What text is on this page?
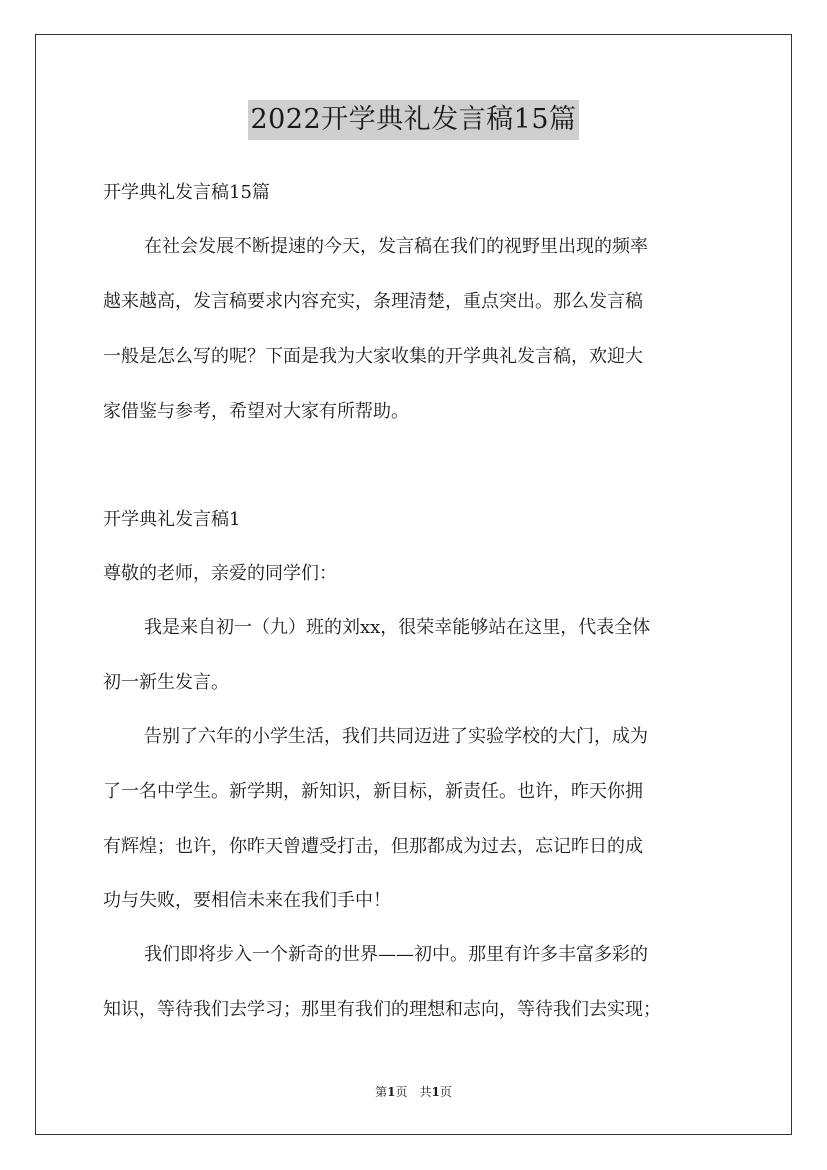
2022开学典礼发言稿15篇
开学典礼发言稿15篇
在社会发展不断提速的今天，发言稿在我们的视野里出现的频率
越来越高，发言稿要求内容充实，条理清楚，重点突出。那么发言稿
一般是怎么写的呢？下面是我为大家收集的开学典礼发言稿，欢迎大
家借鉴与参考，希望对大家有所帮助。
开学典礼发言稿1
尊敬的老师，亲爱的同学们：
我是来自初一（九）班的刘xx，很荣幸能够站在这里，代表全体
初一新生发言。
告别了六年的小学生活，我们共同迈进了实验学校的大门，成为
了一名中学生。新学期，新知识，新目标，新责任。也许，昨天你拥
有辉煌；也许，你昨天曾遭受打击，但那都成为过去，忘记昨日的成
功与失败，要相信未来在我们手中！
我们即将步入一个新奇的世界——初中。那里有许多丰富多彩的
知识，等待我们去学习；那里有我们的理想和志向，等待我们去实现；
第1页　共1页
